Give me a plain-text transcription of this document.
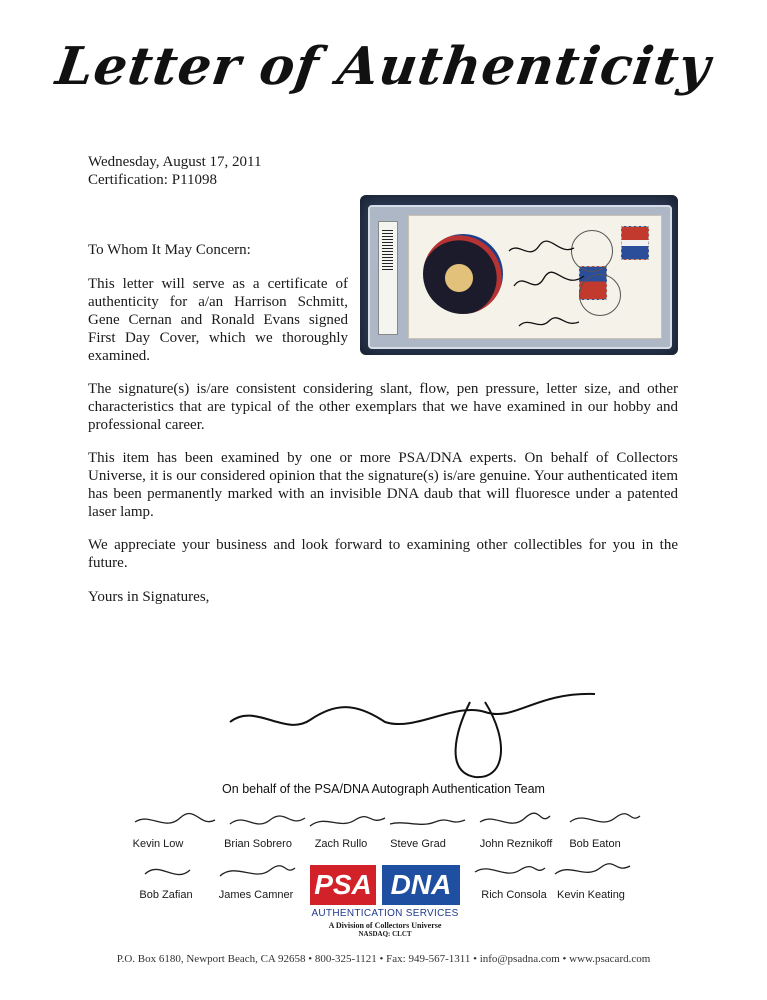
Letter of Authenticity
Wednesday, August 17, 2011
Certification: P11098
To Whom It May Concern:
This letter will serve as a certificate of authenticity for a/an Harrison Schmitt, Gene Cernan and Ronald Evans signed First Day Cover, which we thoroughly examined.
The signature(s) is/are consistent considering slant, flow, pen pressure, letter size, and other characteristics that are typical of the other exemplars that we have examined in our hobby and professional career.
This item has been examined by one or more PSA/DNA experts. On behalf of Collectors Universe, it is our considered opinion that the signature(s) is/are genuine. Your authenticated item has been permanently marked with an invisible DNA daub that will fluoresce under a patented laser lamp.
We appreciate your business and look forward to examining other collectibles for you in the future.
Yours in Signatures,
On behalf of the PSA/DNA Autograph Authentication Team
Kevin Low	Brian Sobrero	Zach Rullo	Steve Grad	John Reznikoff	Bob Eaton
Bob Zafian	James Camner	Rich Consola Kevin Keating
PSA DNA
AUTHENTICATION SERVICES
A Division of Collectors Universe
NASDAQ: CLCT
P.O. Box 6180, Newport Beach, CA 92658 • 800-325-1121 • Fax: 949-567-1311 • info@psadna.com • www.psacard.com
